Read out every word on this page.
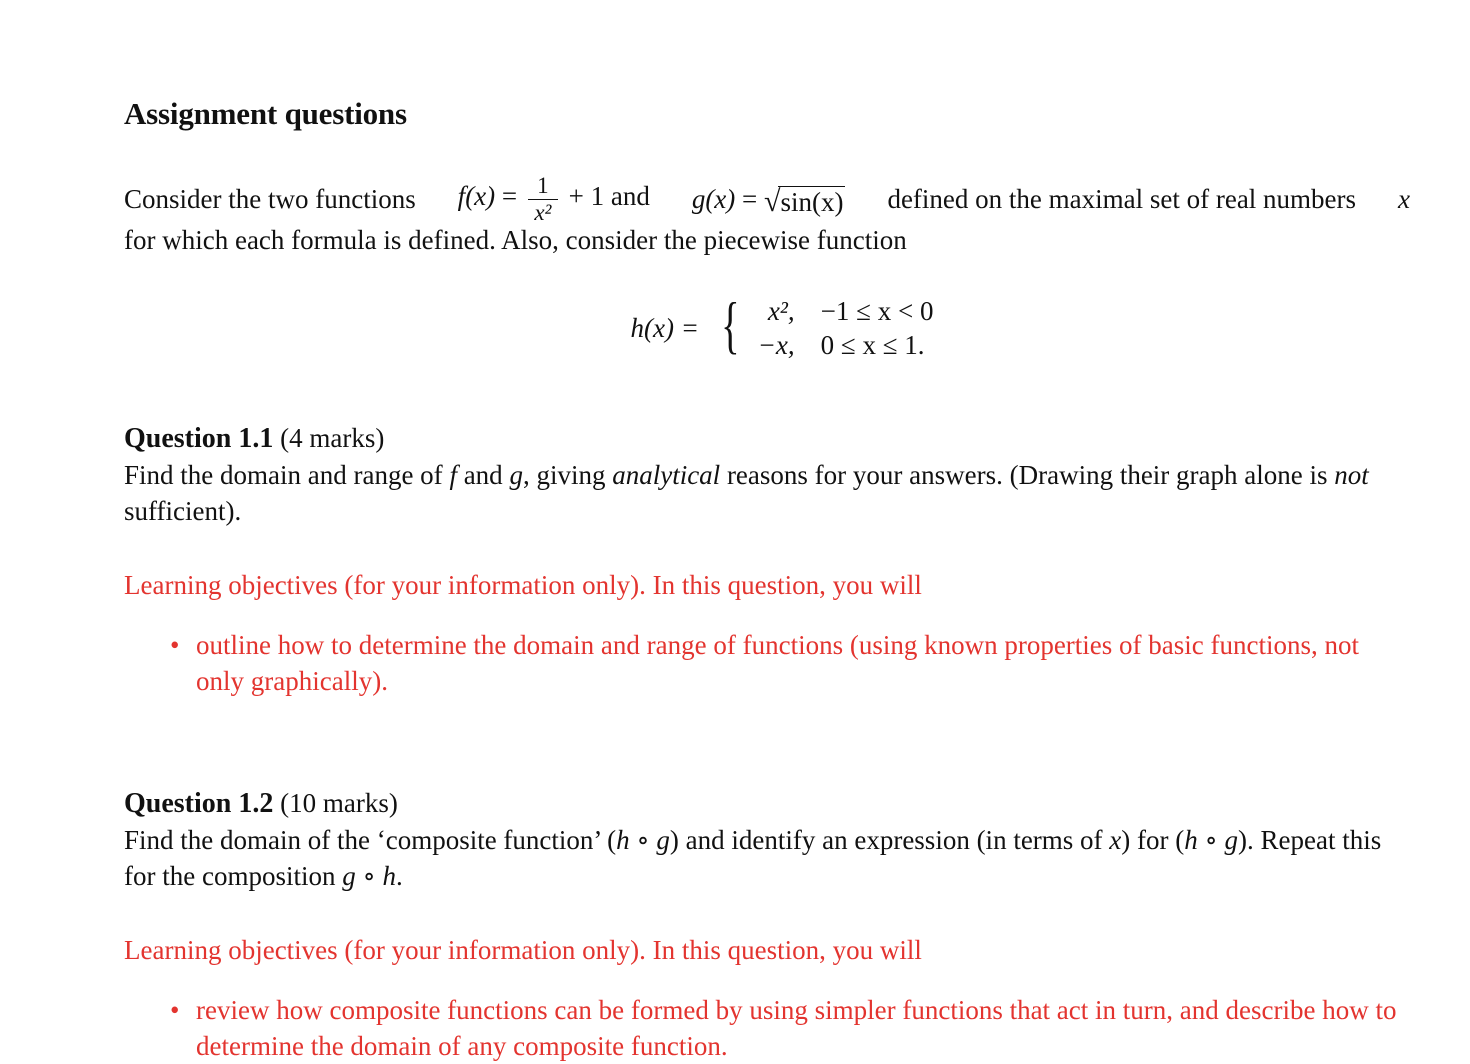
Assignment questions
Consider the two functions $f(x) = \frac{1}{\text{x²}} + 1$ and g(x) = √ sin(x) defined on the maximal set of real numbers x
for which each formula is defined. Also, consider the piecewise function
h(x) = {	x², −1 ≤ x < 0
−x, 0 ≤ x ≤ 1.
Question 1.1 (4 marks)
Find the domain and range of f and g, giving analytical reasons for your answers. (Drawing their graph alone is not sufficient).
Learning objectives (for your information only). In this question, you will
• outline how to determine the domain and range of functions (using known properties of basic functions, not only graphically).
Question 1.2 (10 marks)
Find the domain of the ‘composite function’ (h ∘ g) and identify an expression (in terms of x) for (h ∘ g). Repeat this for the composition g ∘ h.
Learning objectives (for your information only). In this question, you will
• review how composite functions can be formed by using simpler functions that act in turn, and describe how to determine the domain of any composite function.
